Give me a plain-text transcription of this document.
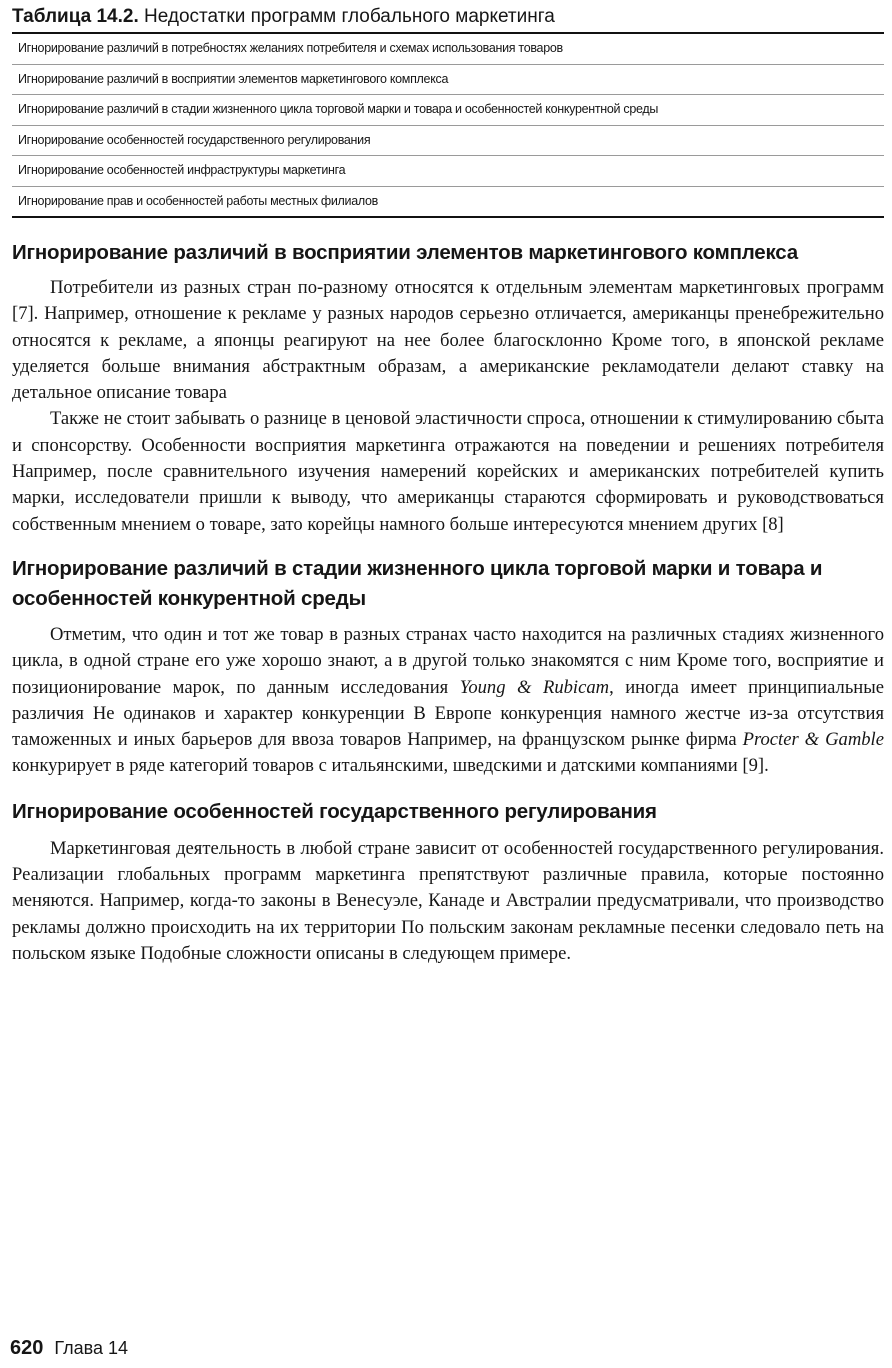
Таблица 14.2. Недостатки программ глобального маркетинга
Игнорирование различий в потребностях желаниях потребителя и схемах использования товаров
Игнорирование различий в восприятии элементов маркетингового комплекса
Игнорирование различий в стадии жизненного цикла торговой марки и товара и особенностей конкурентной среды
Игнорирование особенностей государственного регулирования
Игнорирование особенностей инфраструктуры маркетинга
Игнорирование прав и особенностей работы местных филиалов
Игнорирование различий в восприятии элементов маркетингового комплекса

Потребители из разных стран по-разному относятся к отдельным элементам маркетинговых программ [7]. Например, отношение к рекламе у разных народов серьезно отличается, американцы пренебрежительно относятся к рекламе, а японцы реагируют на нее более благосклонно Кроме того, в японской рекламе уделяется больше внимания абстрактным образам, а американские рекламодатели делают ставку на детальное описание товара

Также не стоит забывать о разнице в ценовой эластичности спроса, отношении к стимулированию сбыта и спонсорству. Особенности восприятия маркетинга отражаются на поведении и решениях потребителя Например, после сравнительного изучения намерений корейских и американских потребителей купить марки, исследователи пришли к выводу, что американцы стараются сформировать и руководствоваться собственным мнением о товаре, зато корейцы намного больше интересуются мнением других [8]

Игнорирование различий в стадии жизненного цикла торговой марки и товара и особенностей конкурентной среды

Отметим, что один и тот же товар в разных странах часто находится на различных стадиях жизненного цикла, в одной стране его уже хорошо знают, а в другой только знакомятся с ним Кроме того, восприятие и позиционирование марок, по данным исследования Young & Rubicam, иногда имеет принципиальные различия Не одинаков и характер конкуренции В Европе конкуренция намного жестче из-за отсутствия таможенных и иных барьеров для ввоза товаров Например, на французском рынке фирма Procter & Gamble конкурирует в ряде категорий товаров с итальянскими, шведскими и датскими компаниями [9].

Игнорирование особенностей государственного регулирования

Маркетинговая деятельность в любой стране зависит от особенностей государственного регулирования. Реализации глобальных программ маркетинга препятствуют различные правила, которые постоянно меняются. Например, когда-то законы в Венесуэле, Канаде и Австралии предусматривали, что производство рекламы должно происходить на их территории По польским законам рекламные песенки следовало петь на польском языке Подобные сложности описаны в следующем примере.

620 Глава 14
